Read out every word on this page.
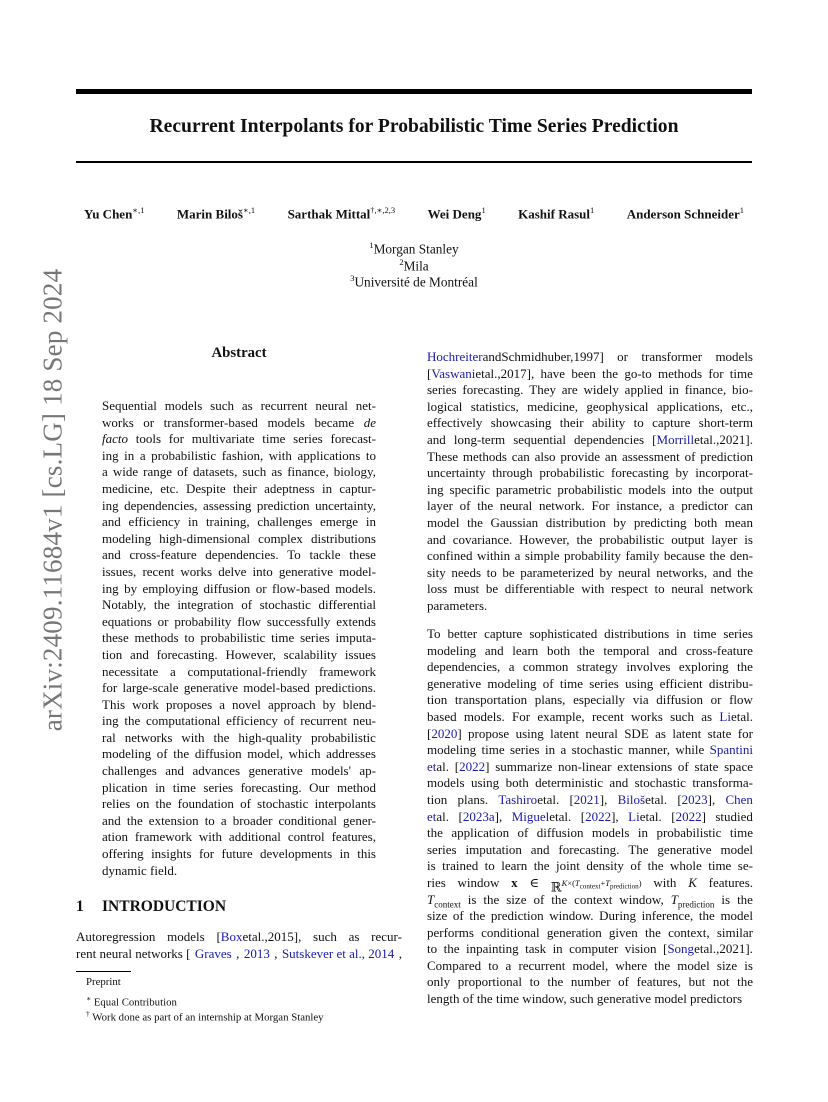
arXiv:2409.11684v1 [cs.LG] 18 Sep 2024
Recurrent Interpolants for Probabilistic Time Series Prediction
Yu Chen$^{∗,1}$ Marin Biloš$^{∗,1}$ Sarthak Mittal$^{\dagger,∗,2,3}$ Wei Deng$^1$ Kashif Rasul$^1$ Anderson Schneider$^1$
$^1$Morgan Stanley
$^2$Mila
$^3$Université de Montréal
Abstract
Sequential models such as recurrent neural net-
works or transformer-based models became de
facto tools for multivariate time series forecast-
ing in a probabilistic fashion, with applications to
a wide range of datasets, such as finance, biology,
medicine, etc. Despite their adeptness in captur-
ing dependencies, assessing prediction uncertainty,
and efficiency in training, challenges emerge in
modeling high-dimensional complex distributions
and cross-feature dependencies. To tackle these
issues, recent works delve into generative model-
ing by employing diffusion or flow-based models.
Notably, the integration of stochastic differential
equations or probability flow successfully extends
these methods to probabilistic time series imputa-
tion and forecasting. However, scalability issues
necessitate a computational-friendly framework
for large-scale generative model-based predictions.
This work proposes a novel approach by blend-
ing the computational efficiency of recurrent neu-
ral networks with the high-quality probabilistic
modeling of the diffusion model, which addresses
challenges and advances generative models' ap-
plication in time series forecasting. Our method
relies on the foundation of stochastic interpolants
and the extension to a broader conditional gener-
ation framework with additional control features,
offering insights for future developments in this
dynamic field.
1 INTRODUCTION
Autoregression models [Boxetal.,2015], such as recur-
rent neural networks [ Graves , 2013 , Sutskever et al., 2014 ,
Preprint
∗ Equal Contribution
† Work done as part of an internship at Morgan Stanley
HochreiterandSchmidhuber,1997] or transformer models
[Vaswanietal.,2017], have been the go-to methods for time
series forecasting. They are widely applied in finance, bio-
logical statistics, medicine, geophysical applications, etc.,
effectively showcasing their ability to capture short-term
and long-term sequential dependencies [Morrilletal.,2021].
These methods can also provide an assessment of prediction
uncertainty through probabilistic forecasting by incorporat-
ing specific parametric probabilistic models into the output
layer of the neural network. For instance, a predictor can
model the Gaussian distribution by predicting both mean
and covariance. However, the probabilistic output layer is
confined within a simple probability family because the den-
sity needs to be parameterized by neural networks, and the
loss must be differentiable with respect to neural network
parameters.
To better capture sophisticated distributions in time series
modeling and learn both the temporal and cross-feature
dependencies, a common strategy involves exploring the
generative modeling of time series using efficient distribu-
tion transportation plans, especially via diffusion or flow
based models. For example, recent works such as Lietal.
[2020] propose using latent neural SDE as latent state for
modeling time series in a stochastic manner, while Spantini
etal. [2022] summarize non-linear extensions of state space
models using both deterministic and stochastic transforma-
tion plans. Tashiroetal. [2021], Bilošetal. [2023], Chen
etal. [2023a], Migueletal. [2022], Lietal. [2022] studied
the application of diffusion models in probabilistic time
series imputation and forecasting. The generative model
is trained to learn the joint density of the whole time se-
ries window x ∈ ℝ$^{K\times(T_{context}+T_{prediction})}$ with K features.
$T_{context}$ is the size of the context window, $T_{prediction}$ is the
size of the prediction window. During inference, the model
performs conditional generation given the context, similar
to the inpainting task in computer vision [Songetal.,2021].
Compared to a recurrent model, where the model size is
only proportional to the number of features, but not the
length of the time window, such generative model predictors
